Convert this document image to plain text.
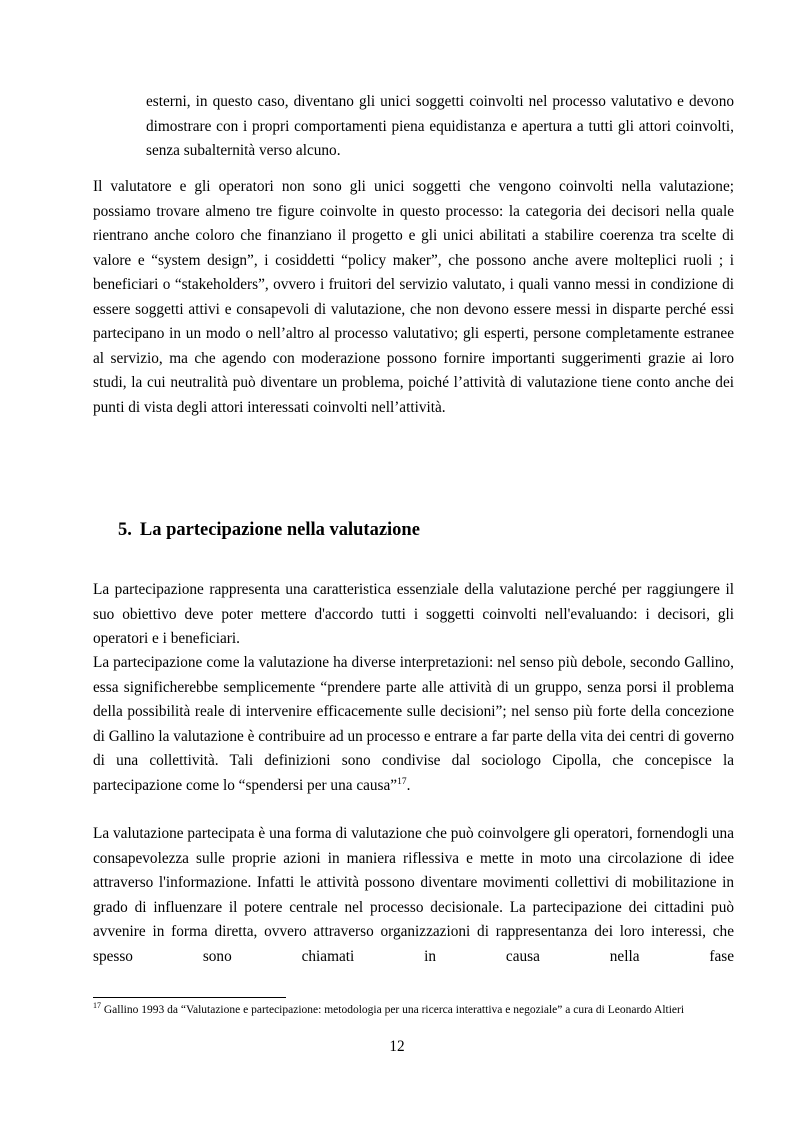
esterni, in questo caso, diventano gli unici soggetti coinvolti nel processo valutativo e devono dimostrare con i propri comportamenti piena equidistanza e apertura a tutti gli attori coinvolti, senza subalternità verso alcuno.

Il valutatore e gli operatori non sono gli unici soggetti che vengono coinvolti nella valutazione; possiamo trovare almeno tre figure coinvolte in questo processo: la categoria dei decisori nella quale rientrano anche coloro che finanziano il progetto e gli unici abilitati a stabilire coerenza tra scelte di valore e “system design”, i cosiddetti “policy maker”, che possono anche avere molteplici ruoli ; i beneficiari o “stakeholders”, ovvero i fruitori del servizio valutato, i quali vanno messi in condizione di essere soggetti attivi e consapevoli di valutazione, che non devono essere messi in disparte perché essi partecipano in un modo o nell’altro al processo valutativo; gli esperti, persone completamente estranee al servizio, ma che agendo con moderazione possono fornire importanti suggerimenti grazie ai loro studi, la cui neutralità può diventare un problema, poiché l’attività di valutazione tiene conto anche dei punti di vista degli attori interessati coinvolti nell’attività.

5. La partecipazione nella valutazione

La partecipazione rappresenta una caratteristica essenziale della valutazione perché per raggiungere il suo obiettivo deve poter mettere d'accordo tutti i soggetti coinvolti nell'evaluando: i decisori, gli operatori e i beneficiari.

La partecipazione come la valutazione ha diverse interpretazioni: nel senso più debole, secondo Gallino, essa significherebbe semplicemente “prendere parte alle attività di un gruppo, senza porsi il problema della possibilità reale di intervenire efficacemente sulle decisioni”; nel senso più forte della concezione di Gallino la valutazione è contribuire ad un processo e entrare a far parte della vita dei centri di governo di una collettività. Tali definizioni sono condivise dal sociologo Cipolla, che concepisce la partecipazione come lo “spendersi per una causa”$^{17}$.

La valutazione partecipata è una forma di valutazione che può coinvolgere gli operatori, fornendogli una consapevolezza sulle proprie azioni in maniera riflessiva e mette in moto una circolazione di idee attraverso l'informazione. Infatti le attività possono diventare movimenti collettivi di mobilitazione in grado di influenzare il potere centrale nel processo decisionale. La partecipazione dei cittadini può avvenire in forma diretta, ovvero attraverso organizzazioni di rappresentanza dei loro interessi, che spesso sono chiamati in causa nella fase

$^{17}$ Gallino 1993 da “Valutazione e partecipazione: metodologia per una ricerca interattiva e negoziale” a cura di Leonardo Altieri

12
